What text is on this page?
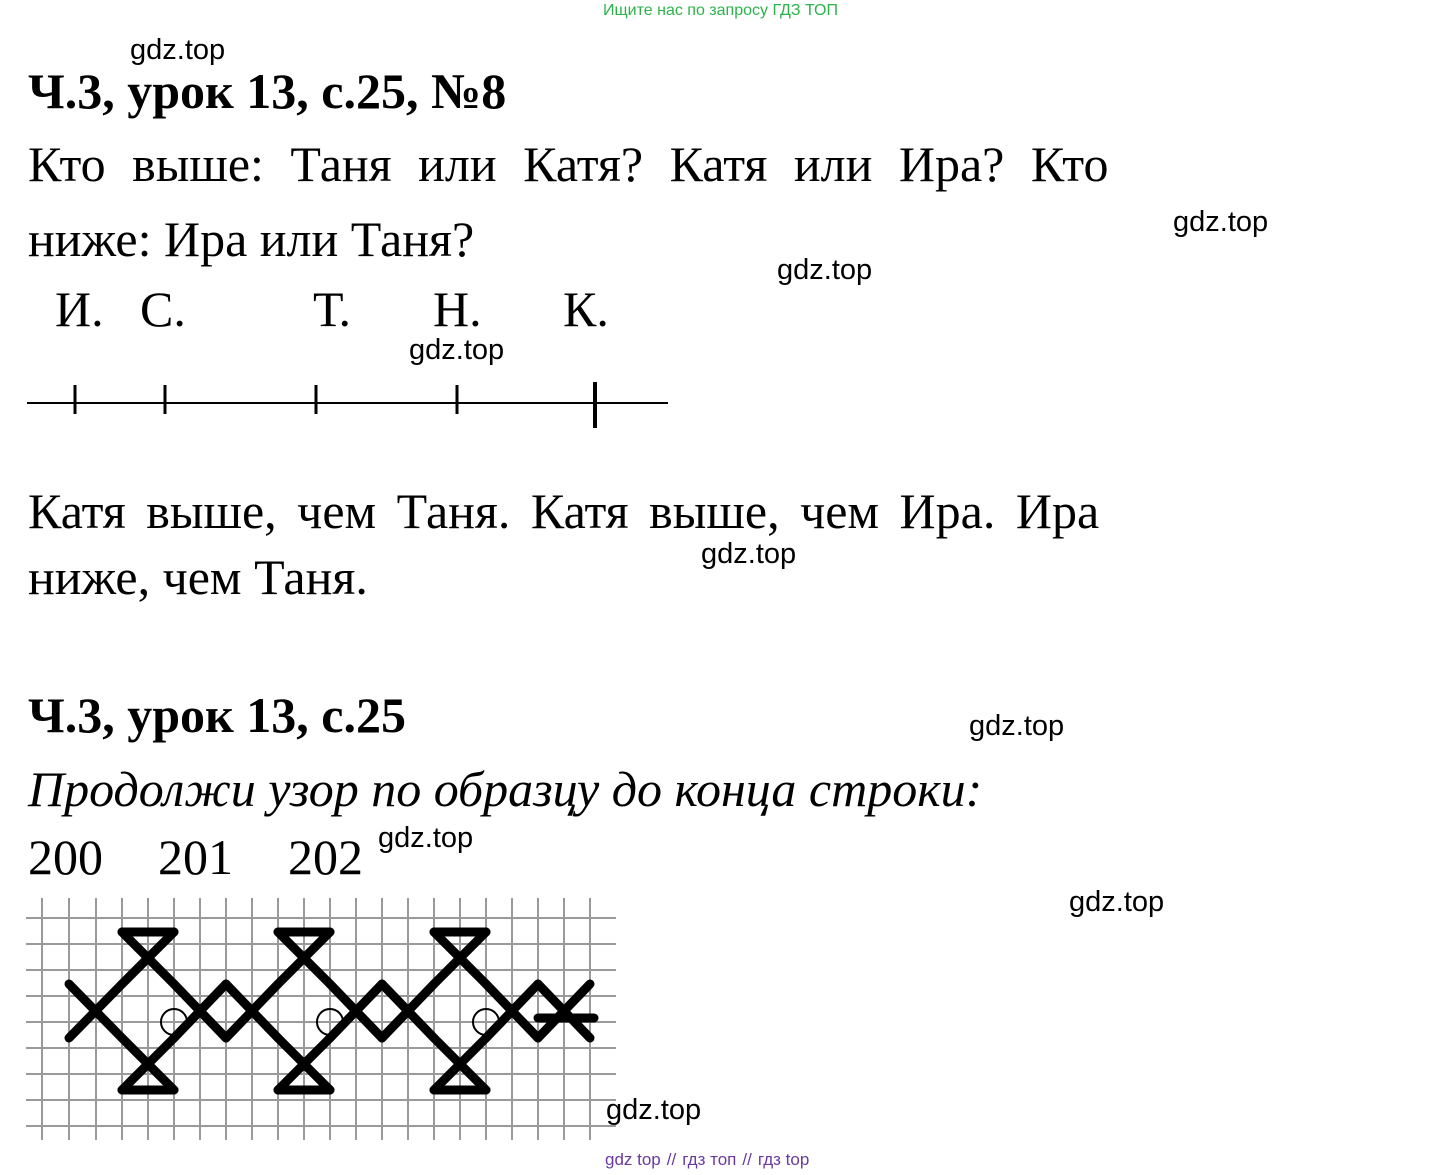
Ищите нас по запросу ГДЗ ТОП
gdz.top
Ч.3, урок 13, с.25, №8
Кто выше: Таня или Катя? Катя или Ира? Кто
gdz.top
ниже: Ира или Таня?
gdz.top
И. С.	Т. Н. К.
gdz.top
Катя выше, чем Таня. Катя выше, чем Ира. Ира
gdz.top
ниже, чем Таня.
Ч.3, урок 13, с.25	gdz.top
Продолжи узор по образцу до конца строки:
200 201 202 gdz.top
gdz.top
gdz.top
gdz top // гдз топ // гдз top
